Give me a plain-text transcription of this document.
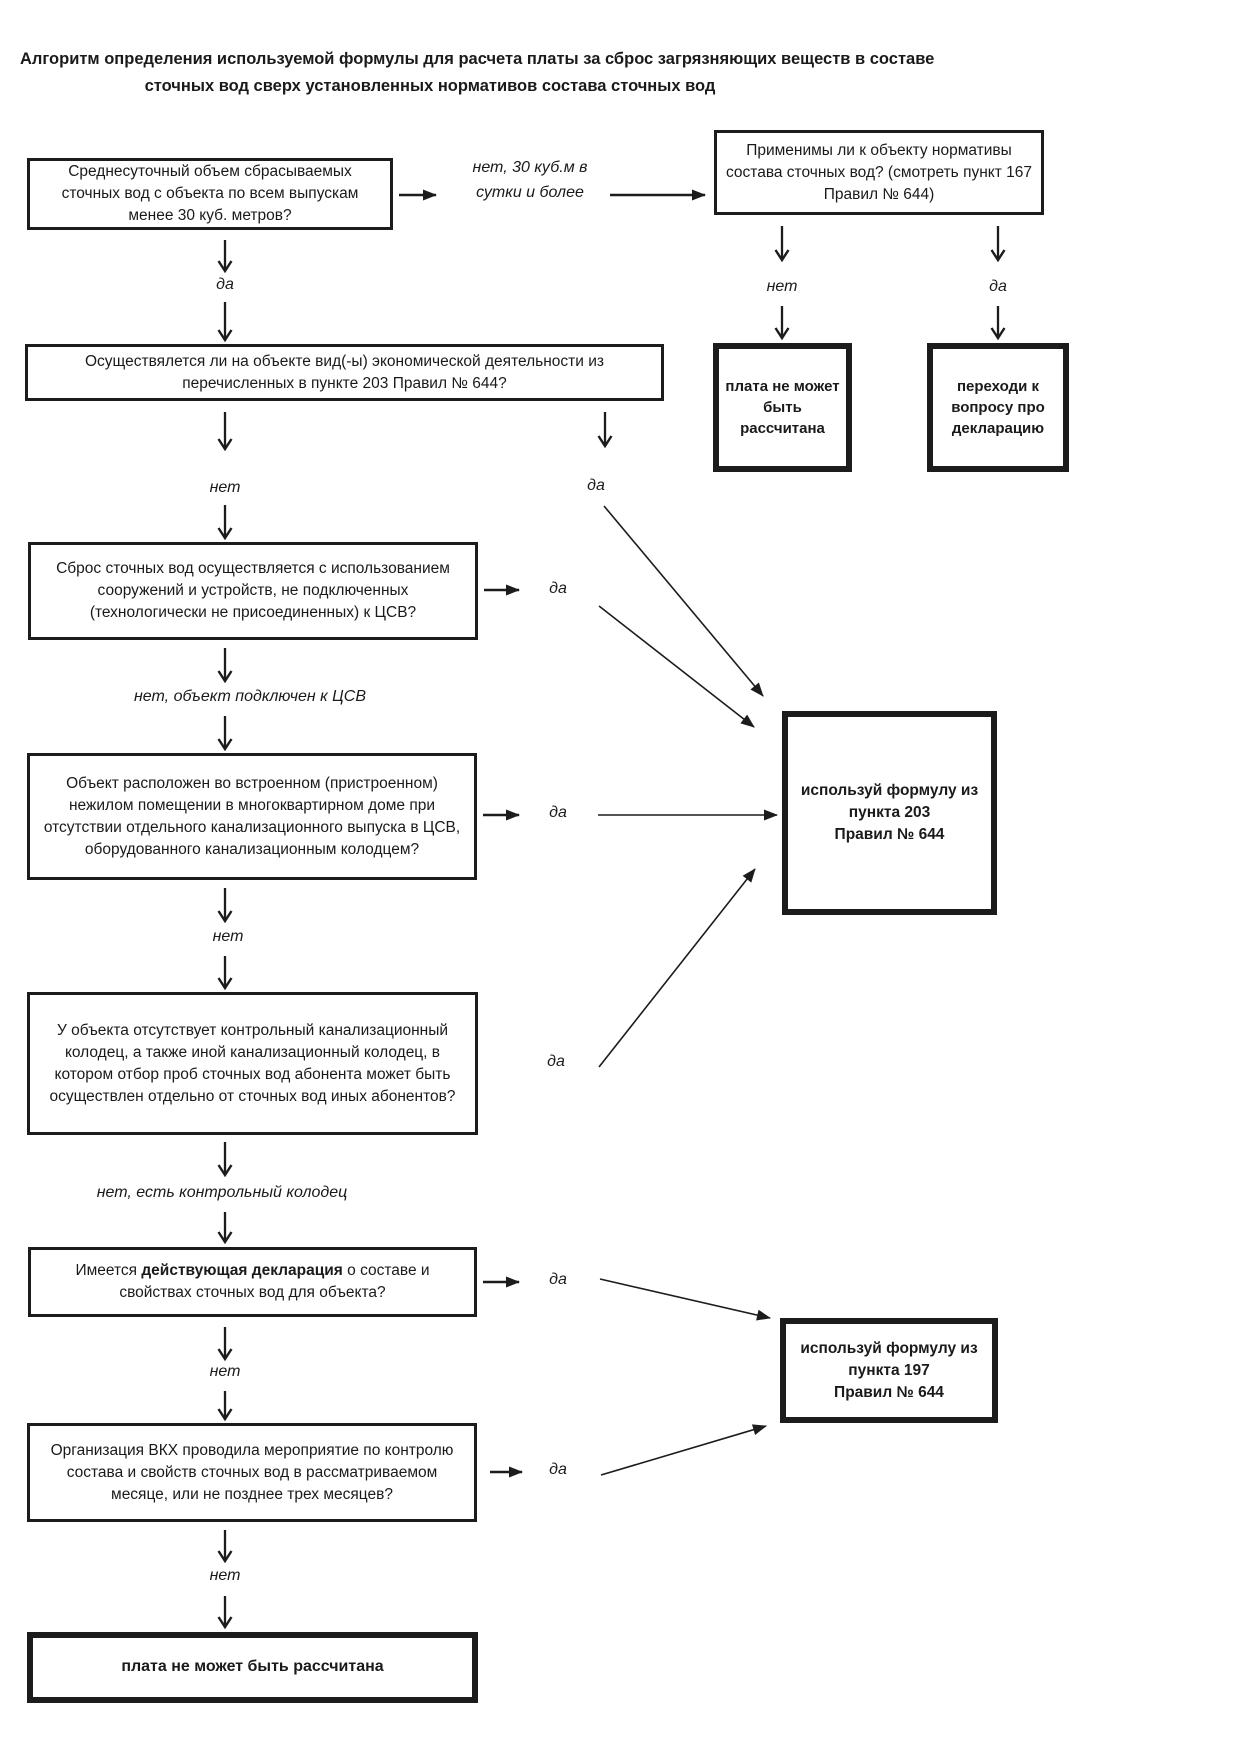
Алгоритм определения используемой формулы для расчета платы за сброс загрязняющих веществ в составе
сточных вод сверх установленных нормативов состава сточных вод
Среднесуточный объем сбрасываемых сточных вод с объекта по всем выпускам менее 30 куб. метров?
Осуществялется ли на объекте вид(-ы) экономической деятельности из перечисленных в пункте 203 Правил № 644?
Сброс сточных вод осуществляется с использованием сооружений и устройств, не подключенных (технологически не присоединенных) к ЦСВ?
Объект расположен во встроенном (пристроенном) нежилом помещении в многоквартирном доме при отсутствии отдельного канализационного выпуска в ЦСВ, оборудованного канализационным колодцем?
У объекта отсутствует контрольный канализационный колодец, а также иной канализационный колодец, в котором отбор проб сточных вод абонента может быть осуществлен отдельно от сточных вод иных абонентов?
Имеется действующая декларация о составе и свойствах сточных вод для объекта?
Организация ВКХ проводила мероприятие по контролю состава и свойств сточных вод в рассматриваемом месяце, или не позднее трех месяцев?
плата не может быть рассчитана
Применимы ли к объекту нормативы состава сточных вод? (смотреть пункт 167 Правил № 644)
плата не может быть рассчитана
переходи к вопросу про декларацию
используй формулу из
пункта 203
Правил № 644
используй формулу из
пункта 197
Правил № 644
да
нет, 30 куб.м в сутки и более
нет	да
нет	да
да
нет, объект подключен к ЦСВ
да
нет
да
нет, есть контрольный колодец
да
нет
да
нет
